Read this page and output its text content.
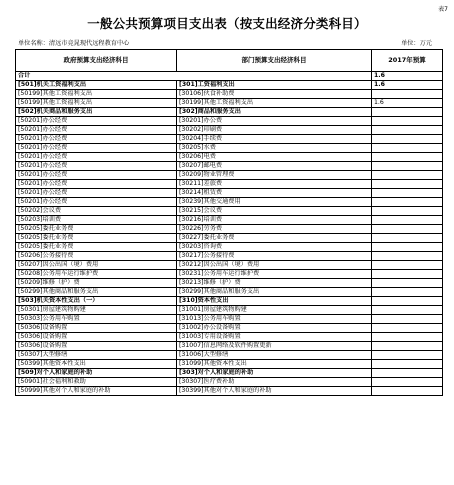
表7
一般公共预算项目支出表（按支出经济分类科目）
单位名称：清远市竞晁现代远程教育中心	单位：万元
政府预算支出经济科目	部门预算支出经济科目	2017年预算
合计		1.6
[501]机关工资福利支出	[301]工资福利支出	1.6
[50199]其他工资福利支出	[30106]伙食补助费	
[50199]其他工资福利支出	[30199]其他工资福利支出	1.6
[502]机关商品和服务支出	[302]商品和服务支出	
[50201]办公经费	[30201]办公费	
[50201]办公经费	[30202]印刷费	
[50201]办公经费	[30204]手续费	
[50201]办公经费	[30205]水费	
[50201]办公经费	[30206]电费	
[50201]办公经费	[30207]邮电费	
[50201]办公经费	[30209]物业管理费	
[50201]办公经费	[30211]差旅费	
[50201]办公经费	[30214]租赁费	
[50201]办公经费	[30239]其他交通费用	
[50202]会议费	[30215]会议费	
[50203]培训费	[30216]培训费	
[50205]委托业务费	[30226]劳务费	
[50205]委托业务费	[30227]委托业务费	
[50205]委托业务费	[30203]咨询费	
[50206]公务接待费	[30217]公务接待费	
[50207]因公出国（境）费用	[30212]因公出国（境）费用	
[50208]公务用车运行维护费	[30231]公务用车运行维护费	
[50209]维修（护）费	[30213]维修（护）费	
[50299]其他商品和服务支出	[30299]其他商品和服务支出	
[503]机关资本性支出（一）	[310]资本性支出	
[50301]房屋建筑物购建	[31001]房屋建筑物购建	
[50303]公务用车购置	[31013]公务用车购置	
[50306]设备购置	[31002]办公设备购置	
[50306]设备购置	[31003]专用设备购置	
[50306]设备购置	[31007]信息网络及软件购置更新	
[50307]大型修缮	[31006]大型修缮	
[50399]其他资本性支出	[31099]其他资本性支出	
[509]对个人和家庭的补助	[303]对个人和家庭的补助	
[50901]社会福利和救助	[30307]医疗费补助	
[50999]其他对个人和家庭的补助	[30399]其他对个人和家庭的补助	
